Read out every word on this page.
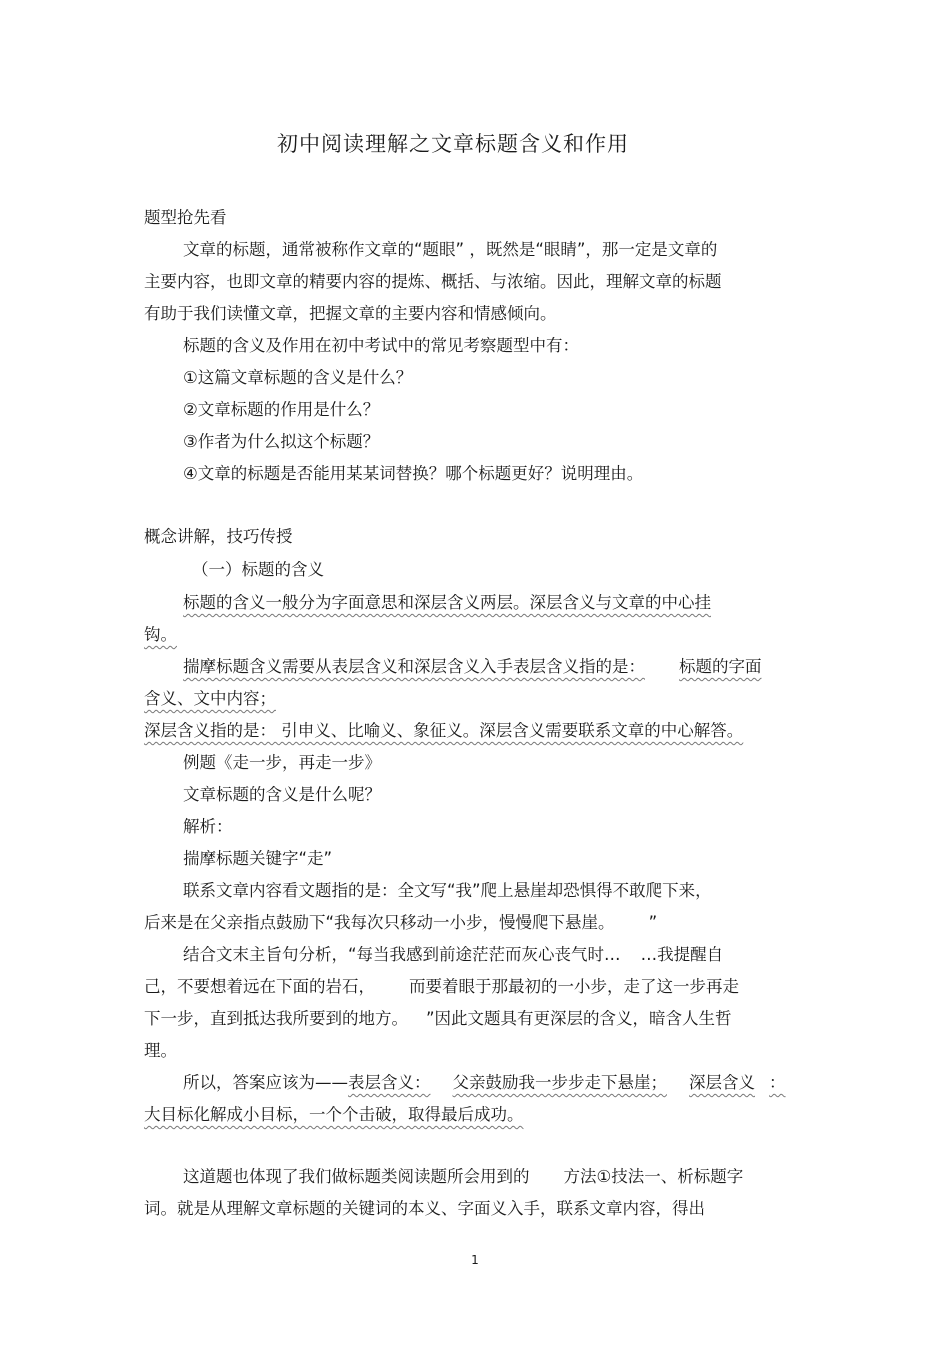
初中阅读理解之文章标题含义和作用
题型抢先看
文章的标题，通常被称作文章的“题眼” ，既然是“眼睛”，那一定是文章的
主要内容，也即文章的精要内容的提炼、概括、与浓缩。因此，理解文章的标题
有助于我们读懂文章，把握文章的主要内容和情感倾向。
标题的含义及作用在初中考试中的常见考察题型中有：
①这篇文章标题的含义是什么？
②文章标题的作用是什么？
③作者为什么拟这个标题？
④文章的标题是否能用某某词替换？哪个标题更好？说明理由。
概念讲解，技巧传授
（一）标题的含义
标题的含义一般分为字面意思和深层含义两层。深层含义与文章的中心挂
钩。
揣摩标题含义需要从表层含义和深层含义入手表层含义指的是： 标题的字面
含义、文中内容；
深层含义指的是： 引申义、比喻义、象征义。深层含义需要联系文章的中心解答。
例题《走一步，再走一步》
文章标题的含义是什么呢？
解析：
揣摩标题关键字“走”
联系文章内容看文题指的是：全文写“我”爬上悬崖却恐惧得不敢爬下来，
后来是在父亲指点鼓励下“我每次只移动一小步，慢慢爬下悬崖。 ”
结合文末主旨句分析，“每当我感到前途茫茫而灰心丧气时… …我提醒自
己，不要想着远在下面的岩石， 而要着眼于那最初的一小步，走了这一步再走
下一步，直到抵达我所要到的地方。 ”因此文题具有更深层的含义，暗含人生哲
理。
所以，答案应该为——表层含义： 父亲鼓励我一步步走下悬崖； 深层含义 ：
大目标化解成小目标，一个个击破，取得最后成功。
这道题也体现了我们做标题类阅读题所会用到的 方法①技法一、析标题字
词。就是从理解文章标题的关键词的本义、字面义入手，联系文章内容，得出
1
